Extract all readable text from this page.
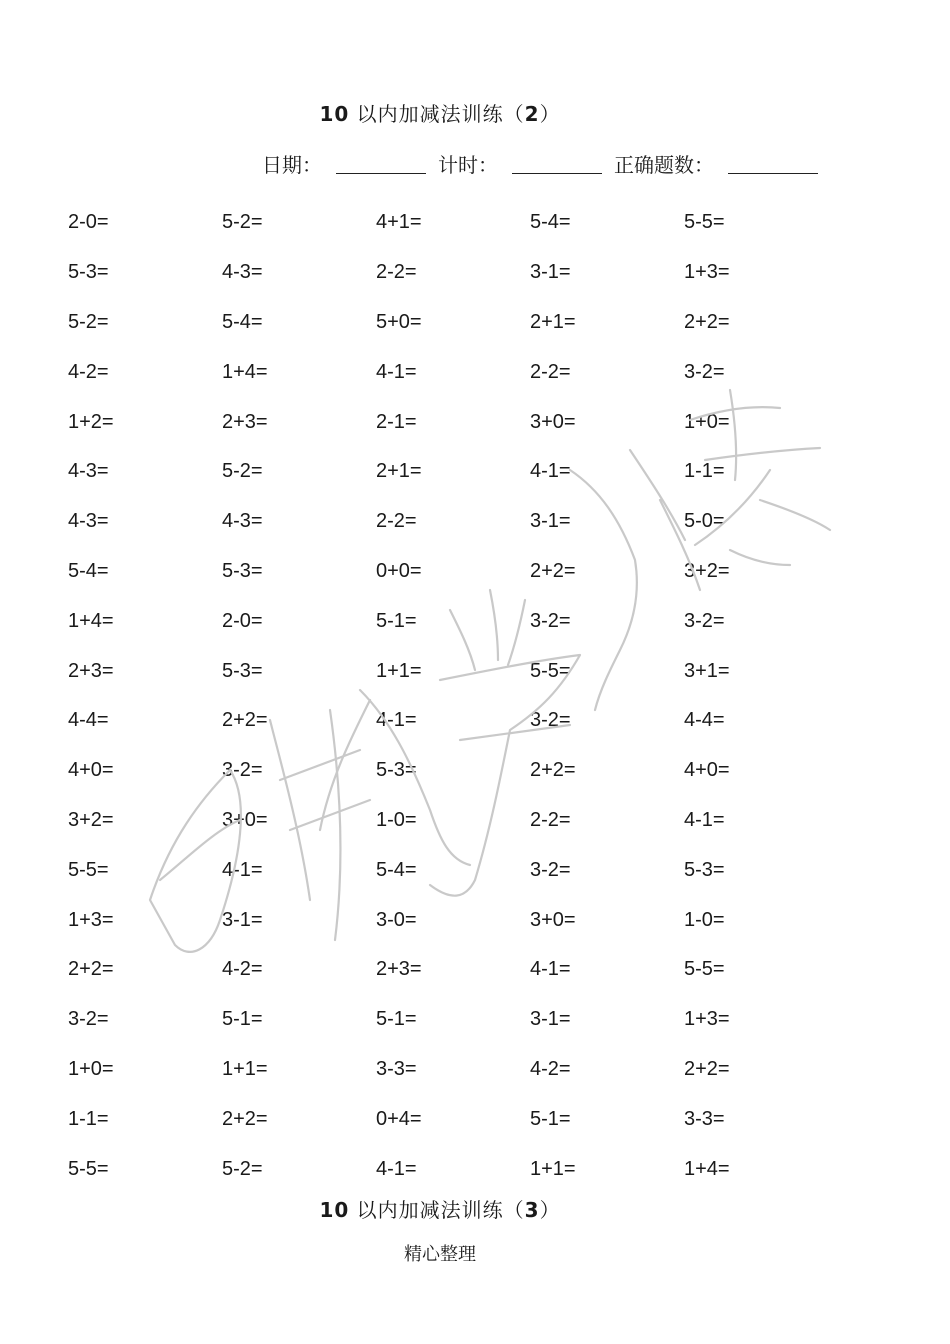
10 以内加减法训练（2）
日期：	计时：	正确题数：
2-0=	5-2=	4+1=	5-4=	5-5=
5-3=	4-3=	2-2=	3-1=	1+3=
5-2=	5-4=	5+0=	2+1=	2+2=
4-2=	1+4=	4-1=	2-2=	3-2=
1+2=	2+3=	2-1=	3+0=	1+0=
4-3=	5-2=	2+1=	4-1=	1-1=
4-3=	4-3=	2-2=	3-1=	5-0=
5-4=	5-3=	0+0=	2+2=	3+2=
1+4=	2-0=	5-1=	3-2=	3-2=
2+3=	5-3=	1+1=	5-5=	3+1=
4-4=	2+2=	4-1=	3-2=	4-4=
4+0=	3-2=	5-3=	2+2=	4+0=
3+2=	3+0=	1-0=	2-2=	4-1=
5-5=	4-1=	5-4=	3-2=	5-3=
1+3=	3-1=	3-0=	3+0=	1-0=
2+2=	4-2=	2+3=	4-1=	5-5=
3-2=	5-1=	5-1=	3-1=	1+3=
1+0=	1+1=	3-3=	4-2=	2+2=
1-1=	2+2=	0+4=	5-1=	3-3=
5-5=	5-2=	4-1=	1+1=	1+4=
10 以内加减法训练（3）
精心整理
